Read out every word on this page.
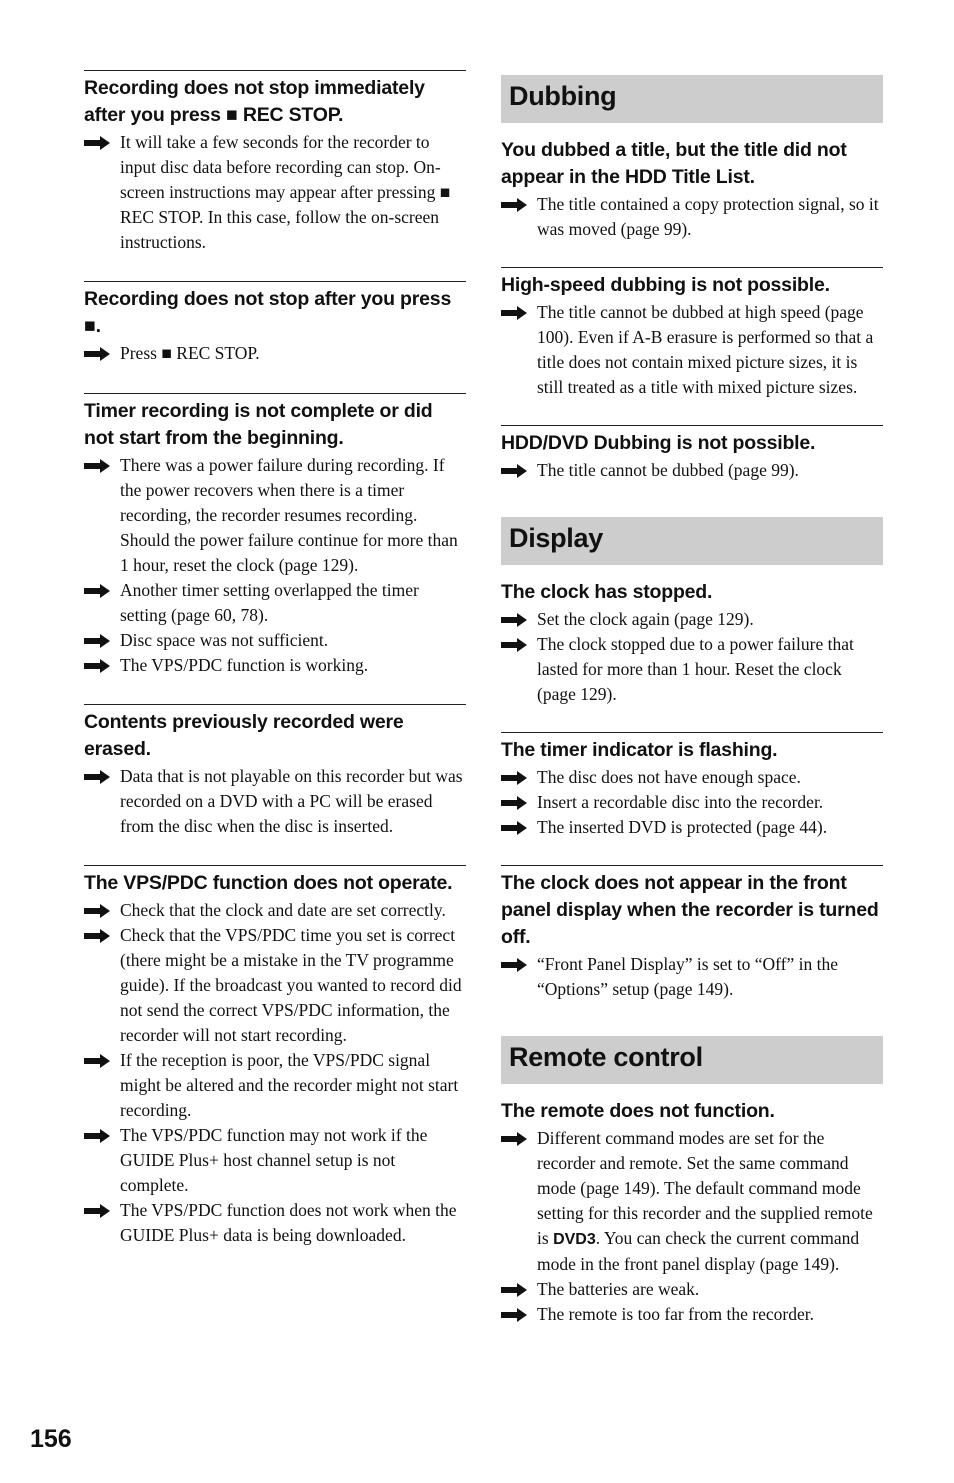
Recording does not stop immediately after you press ■ REC STOP.

It will take a few seconds for the recorder to input disc data before recording can stop. On-screen instructions may appear after pressing ■ REC STOP. In this case, follow the on-screen instructions.

Recording does not stop after you press ■.

Press ■ REC STOP.

Timer recording is not complete or did not start from the beginning.

There was a power failure during recording. If the power recovers when there is a timer recording, the recorder resumes recording. Should the power failure continue for more than 1 hour, reset the clock (page 129).
Another timer setting overlapped the timer setting (page 60, 78).
Disc space was not sufficient.
The VPS/PDC function is working.

Contents previously recorded were erased.

Data that is not playable on this recorder but was recorded on a DVD with a PC will be erased from the disc when the disc is inserted.

The VPS/PDC function does not operate.

Check that the clock and date are set correctly.
Check that the VPS/PDC time you set is correct (there might be a mistake in the TV programme guide). If the broadcast you wanted to record did not send the correct VPS/PDC information, the recorder will not start recording.
If the reception is poor, the VPS/PDC signal might be altered and the recorder might not start recording.
The VPS/PDC function may not work if the GUIDE Plus+ host channel setup is not complete.
The VPS/PDC function does not work when the GUIDE Plus+ data is being downloaded.
Dubbing

You dubbed a title, but the title did not appear in the HDD Title List.

The title contained a copy protection signal, so it was moved (page 99).

High-speed dubbing is not possible.

The title cannot be dubbed at high speed (page 100). Even if A-B erasure is performed so that a title does not contain mixed picture sizes, it is still treated as a title with mixed picture sizes.

HDD/DVD Dubbing is not possible.

The title cannot be dubbed (page 99).
Display

The clock has stopped.

Set the clock again (page 129).
The clock stopped due to a power failure that lasted for more than 1 hour. Reset the clock (page 129).

The timer indicator is flashing.

The disc does not have enough space.
Insert a recordable disc into the recorder.
The inserted DVD is protected (page 44).

The clock does not appear in the front panel display when the recorder is turned off.

“Front Panel Display” is set to “Off” in the “Options” setup (page 149).
Remote control

The remote does not function.

Different command modes are set for the recorder and remote. Set the same command mode (page 149). The default command mode setting for this recorder and the supplied remote is DVD3. You can check the current command mode in the front panel display (page 149).
The batteries are weak.
The remote is too far from the recorder.
156
